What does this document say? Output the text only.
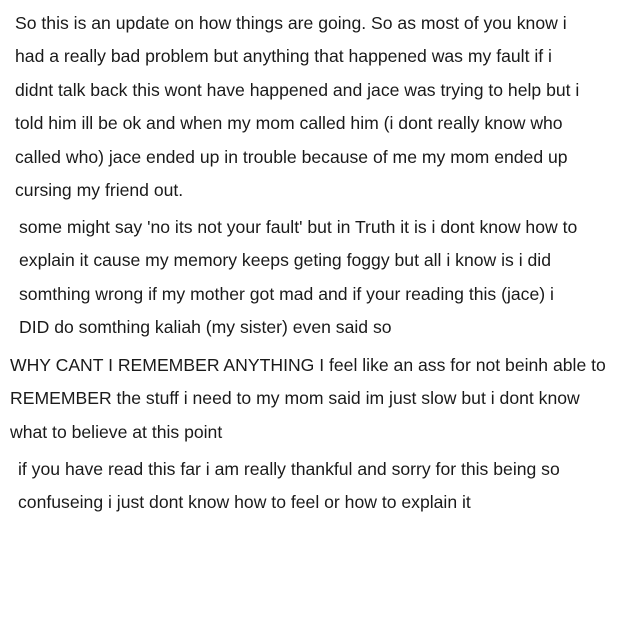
So this is an update on how things are going. So as most of you know i
had a really bad problem but anything that happened was my fault if i
didnt talk back this wont have happened and jace was trying to help but i
told him ill be ok and when my mom called him (i dont really know who
called who) jace ended up in trouble because of me my mom ended up
cursing my friend out.

some might say 'no its not your fault' but in Truth it is i dont know how to
explain it cause my memory keeps geting foggy but all i know is i did
somthing wrong if my mother got mad and if your reading this (jace) i
DID do somthing kaliah (my sister) even said so

WHY CANT I REMEMBER ANYTHING I feel like an ass for not beinh able to
REMEMBER the stuff i need to my mom said im just slow but i dont know
what to believe at this point

if you have read this far i am really thankful and sorry for this being so
confuseing i just dont know how to feel or how to explain it
